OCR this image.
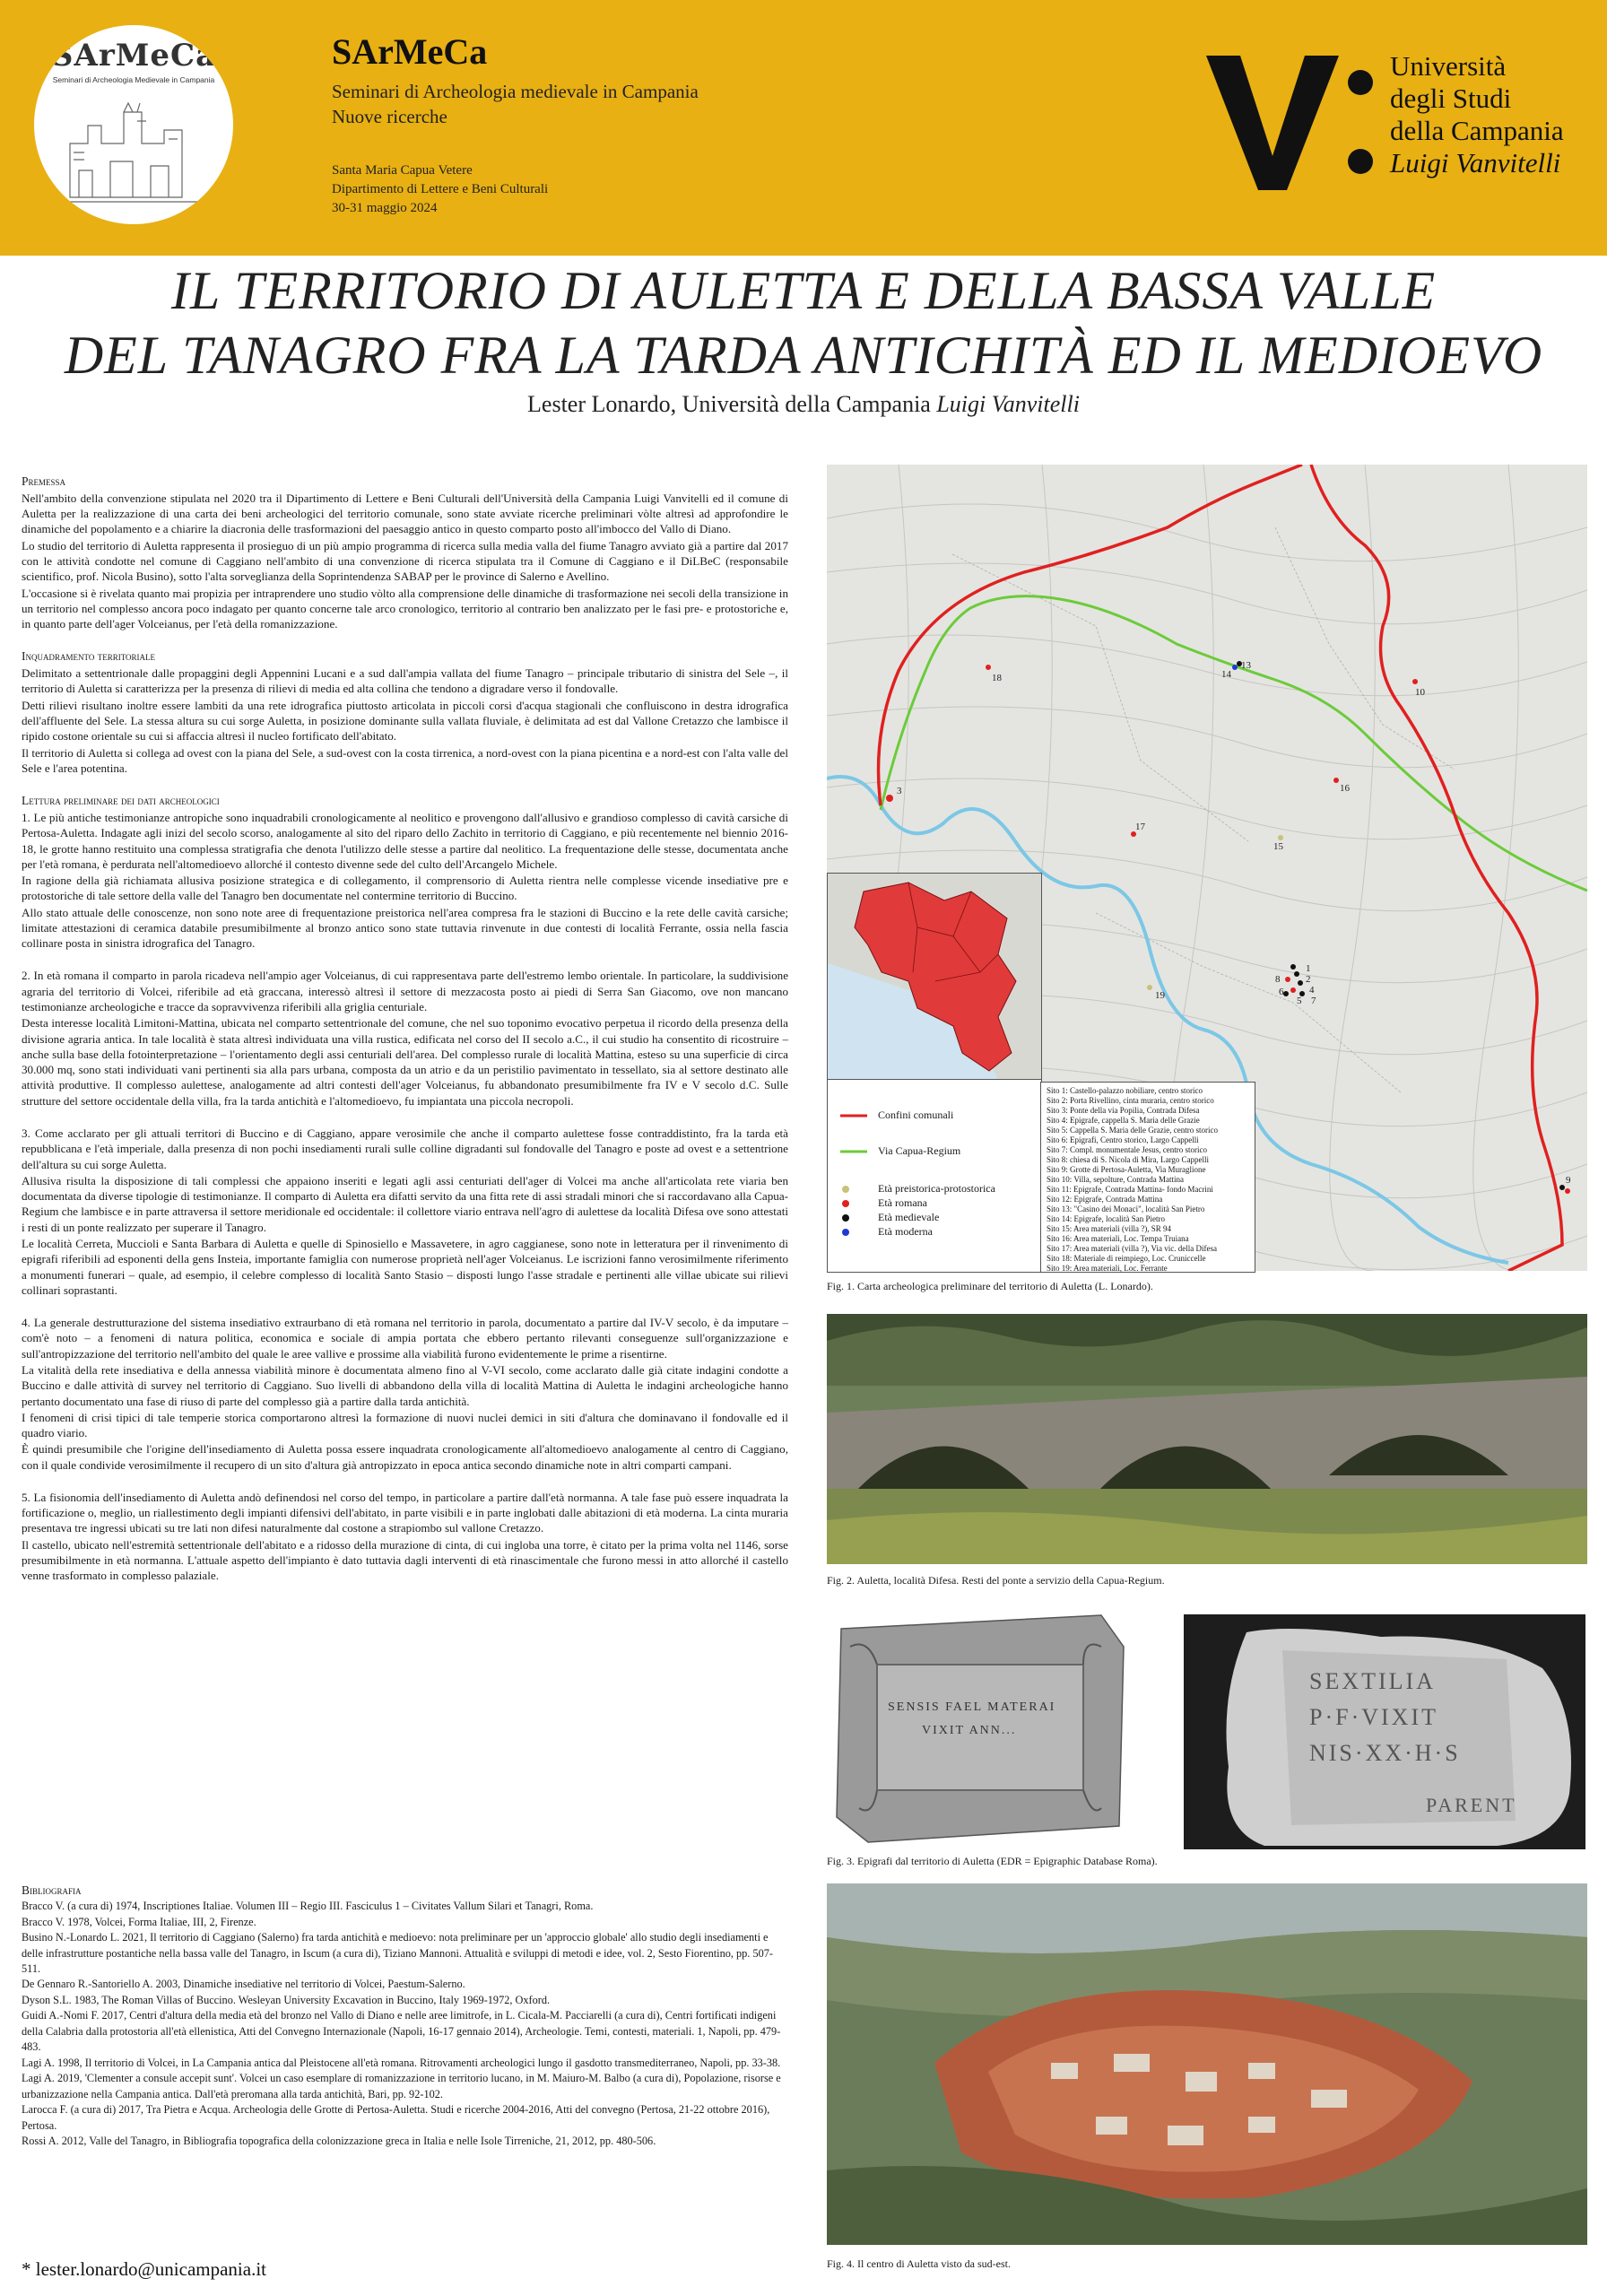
SArMeCa
Seminari di Archeologia Medievale in Campania
SArMeCa
Seminari di Archeologia medievale in Campania
Nuove ricerche
Santa Maria Capua Vetere
Dipartimento di Lettere e Beni Culturali
30-31 maggio 2024
Università
degli Studi
della Campania
Luigi Vanvitelli
IL TERRITORIO DI AULETTA E DELLA BASSA VALLE
DEL TANAGRO FRA LA TARDA ANTICHITÀ ED IL MEDIOEVO
Lester Lonardo, Università della Campania Luigi Vanvitelli

Premessa

Nell'ambito della convenzione stipulata nel 2020 tra il Dipartimento di Lettere e Beni Culturali dell'Università della Campania Luigi Vanvitelli ed il comune di Auletta per la realizzazione di una carta dei beni archeologici del territorio comunale, sono state avviate ricerche preliminari vòlte altresì ad approfondire le dinamiche del popolamento e a chiarire la diacronia delle trasformazioni del paesaggio antico in questo comparto posto all'imbocco del Vallo di Diano.

Lo studio del territorio di Auletta rappresenta il prosieguo di un più ampio programma di ricerca sulla media valla del fiume Tanagro avviato già a partire dal 2017 con le attività condotte nel comune di Caggiano nell'ambito di una convenzione di ricerca stipulata tra il Comune di Caggiano e il DiLBeC (responsabile scientifico, prof. Nicola Busino), sotto l'alta sorveglianza della Soprintendenza SABAP per le province di Salerno e Avellino.

L'occasione si è rivelata quanto mai propizia per intraprendere uno studio vòlto alla comprensione delle dinamiche di trasformazione nei secoli della transizione in un territorio nel complesso ancora poco indagato per quanto concerne tale arco cronologico, territorio al contrario ben analizzato per le fasi pre- e protostoriche e, in quanto parte dell'ager Volceianus, per l'età della romanizzazione.

Inquadramento territoriale

Delimitato a settentrionale dalle propaggini degli Appennini Lucani e a sud dall'ampia vallata del fiume Tanagro – principale tributario di sinistra del Sele –, il territorio di Auletta si caratterizza per la presenza di rilievi di media ed alta collina che tendono a digradare verso il fondovalle.

Detti rilievi risultano inoltre essere lambiti da una rete idrografica piuttosto articolata in piccoli corsi d'acqua stagionali che confluiscono in destra idrografica dell'affluente del Sele. La stessa altura su cui sorge Auletta, in posizione dominante sulla vallata fluviale, è delimitata ad est dal Vallone Cretazzo che lambisce il ripido costone orientale su cui si affaccia altresì il nucleo fortificato dell'abitato.

Il territorio di Auletta si collega ad ovest con la piana del Sele, a sud-ovest con la costa tirrenica, a nord-ovest con la piana picentina e a nord-est con l'alta valle del Sele e l'area potentina.

Lettura preliminare dei dati archeologici

1. Le più antiche testimonianze antropiche sono inquadrabili cronologicamente al neolitico e provengono dall'allusivo e grandioso complesso di cavità carsiche di Pertosa-Auletta. Indagate agli inizi del secolo scorso, analogamente al sito del riparo dello Zachito in territorio di Caggiano, e più recentemente nel biennio 2016-18, le grotte hanno restituito una complessa stratigrafia che denota l'utilizzo delle stesse a partire dal neolitico. La frequentazione delle stesse, documentata anche per l'età romana, è perdurata nell'altomedioevo allorché il contesto divenne sede del culto dell'Arcangelo Michele.

In ragione della già richiamata allusiva posizione strategica e di collegamento, il comprensorio di Auletta rientra nelle complesse vicende insediative pre e protostoriche di tale settore della valle del Tanagro ben documentate nel contermine territorio di Buccino.

Allo stato attuale delle conoscenze, non sono note aree di frequentazione preistorica nell'area compresa fra le stazioni di Buccino e la rete delle cavità carsiche; limitate attestazioni di ceramica databile presumibilmente al bronzo antico sono state tuttavia rinvenute in due contesti di località Ferrante, ossia nella fascia collinare posta in sinistra idrografica del Tanagro.

2. In età romana il comparto in parola ricadeva nell'ampio ager Volceianus, di cui rappresentava parte dell'estremo lembo orientale. In particolare, la suddivisione agraria del territorio di Volcei, riferibile ad età graccana, interessò altresì il settore di mezzacosta posto ai piedi di Serra San Giacomo, ove non mancano testimonianze archeologiche e tracce da sopravvivenza riferibili alla griglia centuriale.

Desta interesse località Limitoni-Mattina, ubicata nel comparto settentrionale del comune, che nel suo toponimo evocativo perpetua il ricordo della presenza della divisione agraria antica. In tale località è stata altresì individuata una villa rustica, edificata nel corso del II secolo a.C., il cui studio ha consentito di ricostruire – anche sulla base della fotointerpretazione – l'orientamento degli assi centuriali dell'area. Del complesso rurale di località Mattina, esteso su una superficie di circa 30.000 mq, sono stati individuati vani pertinenti sia alla pars urbana, composta da un atrio e da un peristilio pavimentato in tessellato, sia al settore destinato alle attività produttive. Il complesso aulettese, analogamente ad altri contesti dell'ager Volceianus, fu abbandonato presumibilmente fra IV e V secolo d.C. Sulle strutture del settore occidentale della villa, fra la tarda antichità e l'altomedioevo, fu impiantata una piccola necropoli.

3. Come acclarato per gli attuali territori di Buccino e di Caggiano, appare verosimile che anche il comparto aulettese fosse contraddistinto, fra la tarda età repubblicana e l'età imperiale, dalla presenza di non pochi insediamenti rurali sulle colline digradanti sul fondovalle del Tanagro e poste ad ovest e a settentrione dell'altura su cui sorge Auletta.

Allusiva risulta la disposizione di tali complessi che appaiono inseriti e legati agli assi centuriati dell'ager di Volcei ma anche all'articolata rete viaria ben documentata da diverse tipologie di testimonianze. Il comparto di Auletta era difatti servito da una fitta rete di assi stradali minori che si raccordavano alla Capua-Regium che lambisce e in parte attraversa il settore meridionale ed occidentale: il collettore viario entrava nell'agro di aulettese da località Difesa ove sono attestati i resti di un ponte realizzato per superare il Tanagro.

Le località Cerreta, Muccioli e Santa Barbara di Auletta e quelle di Spinosiello e Massavetere, in agro caggianese, sono note in letteratura per il rinvenimento di epigrafi riferibili ad esponenti della gens Insteia, importante famiglia con numerose proprietà nell'ager Volceianus. Le iscrizioni fanno verosimilmente riferimento a monumenti funerari – quale, ad esempio, il celebre complesso di località Santo Stasio – disposti lungo l'asse stradale e pertinenti alle villae ubicate sui rilievi collinari soprastanti.

4. La generale destrutturazione del sistema insediativo extraurbano di età romana nel territorio in parola, documentato a partire dal IV-V secolo, è da imputare – com'è noto – a fenomeni di natura politica, economica e sociale di ampia portata che ebbero pertanto rilevanti conseguenze sull'organizzazione e sull'antropizzazione del territorio nell'ambito del quale le aree vallive e prossime alla viabilità furono evidentemente le prime a risentirne.

La vitalità della rete insediativa e della annessa viabilità minore è documentata almeno fino al V-VI secolo, come acclarato dalle già citate indagini condotte a Buccino e dalle attività di survey nel territorio di Caggiano. Suo livelli di abbandono della villa di località Mattina di Auletta le indagini archeologiche hanno pertanto documentato una fase di riuso di parte del complesso già a partire dalla tarda antichità.

I fenomeni di crisi tipici di tale temperie storica comportarono altresì la formazione di nuovi nuclei demici in siti d'altura che dominavano il fondovalle ed il quadro viario.

È quindi presumibile che l'origine dell'insediamento di Auletta possa essere inquadrata cronologicamente all'altomedioevo analogamente al centro di Caggiano, con il quale condivide verosimilmente il recupero di un sito d'altura già antropizzato in epoca antica secondo dinamiche note in altri comparti campani.

5. La fisionomia dell'insediamento di Auletta andò definendosi nel corso del tempo, in particolare a partire dall'età normanna. A tale fase può essere inquadrata la fortificazione o, meglio, un riallestimento degli impianti difensivi dell'abitato, in parte visibili e in parte inglobati dalle abitazioni di età moderna. La cinta muraria presentava tre ingressi ubicati su tre lati non difesi naturalmente dal costone a strapiombo sul vallone Cretazzo.

Il castello, ubicato nell'estremità settentrionale dell'abitato e a ridosso della murazione di cinta, di cui ingloba una torre, è citato per la prima volta nel 1146, sorse presumibilmente in età normanna. L'attuale aspetto dell'impianto è dato tuttavia dagli interventi di età rinascimentale che furono messi in atto allorché il castello venne trasformato in complesso palaziale.

Bibliografia

Bracco V. (a cura di) 1974, Inscriptiones Italiae. Volumen III – Regio III. Fasciculus 1 – Civitates Vallum Silari et Tanagri, Roma.

Bracco V. 1978, Volcei, Forma Italiae, III, 2, Firenze.

Busino N.-Lonardo L. 2021, Il territorio di Caggiano (Salerno) fra tarda antichità e medioevo: nota preliminare per un 'approccio globale' allo studio degli insediamenti e delle infrastrutture postantiche nella bassa valle del Tanagro, in Iscum (a cura di), Tiziano Mannoni. Attualità e sviluppi di metodi e idee, vol. 2, Sesto Fiorentino, pp. 507-511.

De Gennaro R.-Santoriello A. 2003, Dinamiche insediative nel territorio di Volcei, Paestum-Salerno.

Dyson S.L. 1983, The Roman Villas of Buccino. Wesleyan University Excavation in Buccino, Italy 1969-1972, Oxford.

Guidi A.-Nomi F. 2017, Centri d'altura della media età del bronzo nel Vallo di Diano e nelle aree limitrofe, in L. Cicala-M. Pacciarelli (a cura di), Centri fortificati indigeni della Calabria dalla protostoria all'età ellenistica, Atti del Convegno Internazionale (Napoli, 16-17 gennaio 2014), Archeologie. Temi, contesti, materiali. 1, Napoli, pp. 479-483.

Lagi A. 1998, Il territorio di Volcei, in La Campania antica dal Pleistocene all'età romana. Ritrovamenti archeologici lungo il gasdotto transmediterraneo, Napoli, pp. 33-38.

Lagi A. 2019, 'Clementer a consule accepit sunt'. Volcei un caso esemplare di romanizzazione in territorio lucano, in M. Maiuro-M. Balbo (a cura di), Popolazione, risorse e urbanizzazione nella Campania antica. Dall'età preromana alla tarda antichità, Bari, pp. 92-102.

Larocca F. (a cura di) 2017, Tra Pietra e Acqua. Archeologia delle Grotte di Pertosa-Auletta. Studi e ricerche 2004-2016, Atti del convegno (Pertosa, 21-22 ottobre 2016), Pertosa.

Rossi A. 2012, Valle del Tanagro, in Bibliografia topografica della colonizzazione greca in Italia e nelle Isole Tirreniche, 21, 2012, pp. 480-506.

* lester.lonardo@unicampania.it
3
18	14
13
10
16
15
17
19
1
2
8
4
6
5 7
9
Confini comunali
Via Capua-Regium
Età preistorica-protostorica
Età romana
Età medievale
Età moderna
Sito 1: Castello-palazzo nobiliare, centro storico
Sito 2: Porta Rivellino, cinta muraria, centro storico
Sito 3: Ponte della via Popilia, Contrada Difesa
Sito 4: Epigrafe, cappella S. Maria delle Grazie
Sito 5: Cappella S. Maria delle Grazie, centro storico
Sito 6: Epigrafi, Centro storico, Largo Cappelli
Sito 7: Compl. monumentale Jesus, centro storico
Sito 8: chiesa di S. Nicola di Mira, Largo Cappelli
Sito 9: Grotte di Pertosa-Auletta, Via Muraglione
Sito 10: Villa, sepolture, Contrada Mattina
Sito 11: Epigrafe, Contrada Mattina- fondo Macrini
Sito 12: Epigrafe, Contrada Mattina
Sito 13: "Casino dei Monaci", località San Pietro
Sito 14: Epigrafe, località San Pietro
Sito 15: Area materiali (villa ?), SR 94
Sito 16: Area materiali, Loc. Tempa Truiana
Sito 17: Area materiali (villa ?), Via vic. della Difesa
Sito 18: Materiale di reimpiego, Loc. Cruniccelle
Sito 19: Area materiali, Loc. Ferrante
Fig. 1. Carta archeologica preliminare del territorio di Auletta (L. Lonardo).
Fig. 2. Auletta, località Difesa. Resti del ponte a servizio della Capua-Regium.
SENSIS FAEL MATERAI
VIXIT ANN...
SEXTILIA
P·F·VIXIT
NIS·XX·H·S
PARENT
Fig. 3. Epigrafi dal territorio di Auletta (EDR = Epigraphic Database Roma).
Fig. 4. Il centro di Auletta visto da sud-est.
